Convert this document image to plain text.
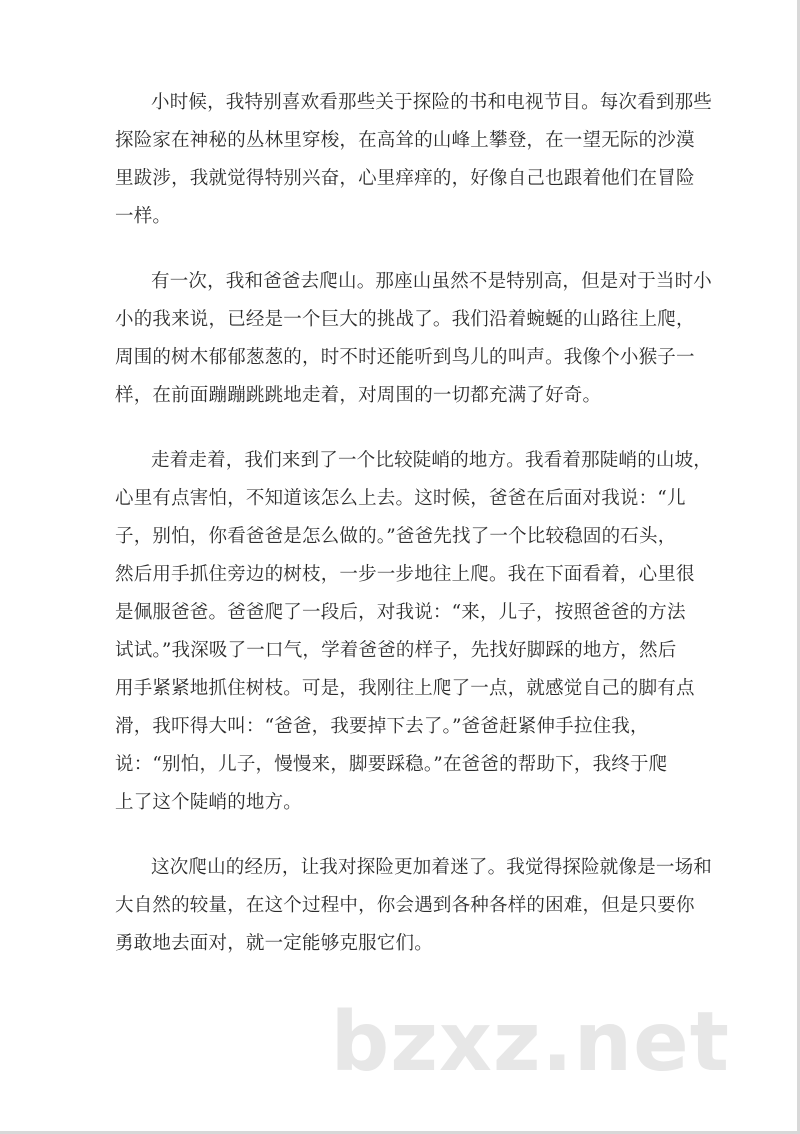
小时候，我特别喜欢看那些关于探险的书和电视节目。每次看到那些
探险家在神秘的丛林里穿梭，在高耸的山峰上攀登，在一望无际的沙漠
里跋涉，我就觉得特别兴奋，心里痒痒的，好像自己也跟着他们在冒险
一样。

有一次，我和爸爸去爬山。那座山虽然不是特别高，但是对于当时小
小的我来说，已经是一个巨大的挑战了。我们沿着蜿蜒的山路往上爬，
周围的树木郁郁葱葱的，时不时还能听到鸟儿的叫声。我像个小猴子一
样，在前面蹦蹦跳跳地走着，对周围的一切都充满了好奇。

走着走着，我们来到了一个比较陡峭的地方。我看着那陡峭的山坡，
心里有点害怕，不知道该怎么上去。这时候，爸爸在后面对我说：“儿
子，别怕，你看爸爸是怎么做的。”爸爸先找了一个比较稳固的石头，
然后用手抓住旁边的树枝，一步一步地往上爬。我在下面看着，心里很
是佩服爸爸。爸爸爬了一段后，对我说：“来，儿子，按照爸爸的方法
试试。”我深吸了一口气，学着爸爸的样子，先找好脚踩的地方，然后
用手紧紧地抓住树枝。可是，我刚往上爬了一点，就感觉自己的脚有点
滑，我吓得大叫：“爸爸，我要掉下去了。”爸爸赶紧伸手拉住我，
说：“别怕，儿子，慢慢来，脚要踩稳。”在爸爸的帮助下，我终于爬
上了这个陡峭的地方。

这次爬山的经历，让我对探险更加着迷了。我觉得探险就像是一场和
大自然的较量，在这个过程中，你会遇到各种各样的困难，但是只要你
勇敢地去面对，就一定能够克服它们。

bzxz.net
